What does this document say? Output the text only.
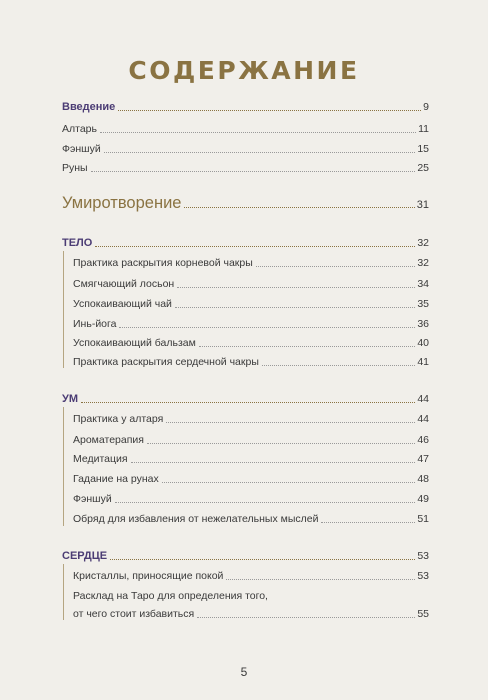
СОДЕРЖАНИЕ
Введение	9
Алтарь	11
Фэншуй	15
Руны	25
Умиротворение	31
ТЕЛО	32
Практика раскрытия корневой чакры	32
Смягчающий лосьон	34
Успокаивающий чай	35
Инь-йога	36
Успокаивающий бальзам	40
Практика раскрытия сердечной чакры	41
УМ	44
Практика у алтаря	44
Ароматерапия	46
Медитация	47
Гадание на рунах	48
Фэншуй	49
Обряд для избавления от нежелательных мыслей	51
СЕРДЦЕ	53
Кристаллы, приносящие покой	53
Расклад на Таро для определения того,
от чего стоит избавиться	55
5
